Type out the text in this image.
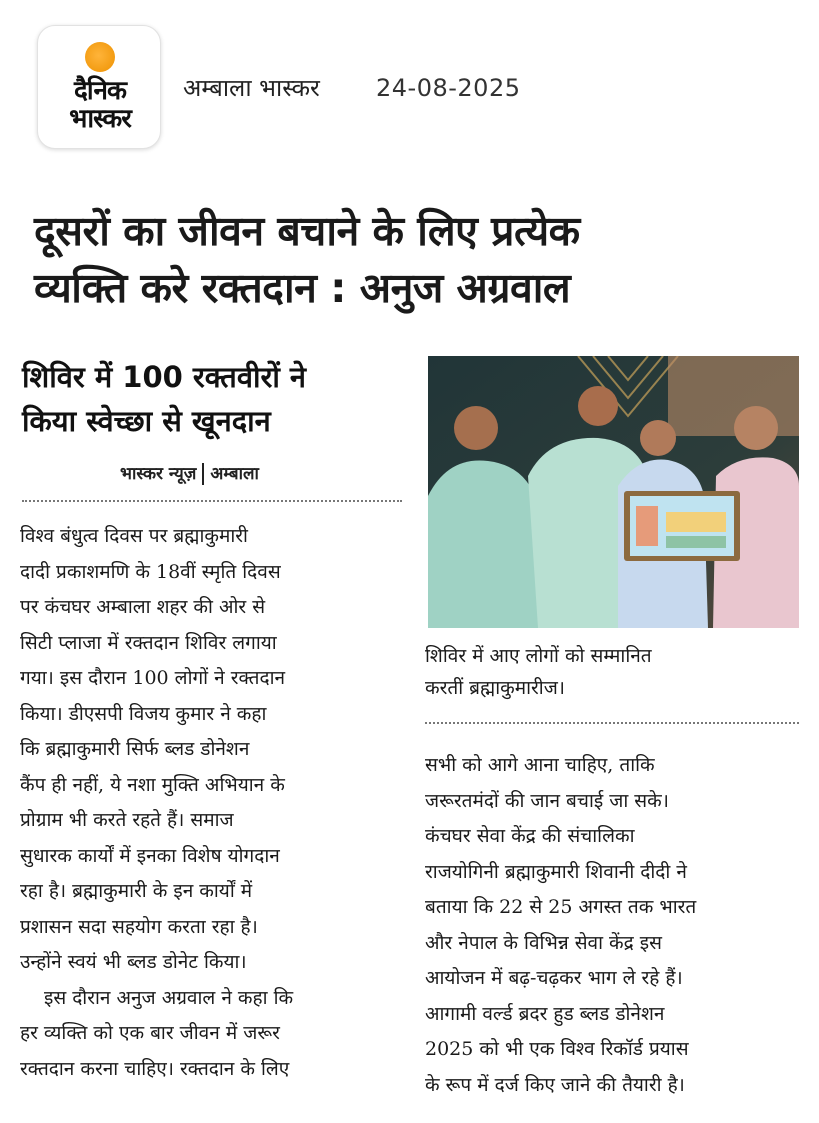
दैनिक
भास्कर
अम्बाला भास्कर 24-08-2025
दूसरों का जीवन बचाने के लिए प्रत्येक
व्यक्ति करे रक्तदान : अनुज अग्रवाल
शिविर में 100 रक्तवीरों ने
किया स्वेच्छा से खूनदान
भास्कर न्यूज़ अम्बाला

विश्व बंधुत्व दिवस पर ब्रह्माकुमारी

दादी प्रकाशमणि के 18वीं स्मृति दिवस

पर कंचघर अम्बाला शहर की ओर से

सिटी प्लाजा में रक्तदान शिविर लगाया

गया। इस दौरान 100 लोगों ने रक्तदान

किया। डीएसपी विजय कुमार ने कहा

कि ब्रह्माकुमारी सिर्फ ब्लड डोनेशन

कैंप ही नहीं, ये नशा मुक्ति अभियान के

प्रोग्राम भी करते रहते हैं। समाज

सुधारक कार्यों में इनका विशेष योगदान

रहा है। ब्रह्माकुमारी के इन कार्यों में

प्रशासन सदा सहयोग करता रहा है।

उन्होंने स्वयं भी ब्लड डोनेट किया।

इस दौरान अनुज अग्रवाल ने कहा कि

हर व्यक्ति को एक बार जीवन में जरूर

रक्तदान करना चाहिए। रक्तदान के लिए

शिविर में आए लोगों को सम्मानित
करतीं ब्रह्माकुमारीज।

सभी को आगे आना चाहिए, ताकि

जरूरतमंदों की जान बचाई जा सके।

कंचघर सेवा केंद्र की संचालिका

राजयोगिनी ब्रह्माकुमारी शिवानी दीदी ने

बताया कि 22 से 25 अगस्त तक भारत

और नेपाल के विभिन्न सेवा केंद्र इस

आयोजन में बढ़-चढ़कर भाग ले रहे हैं।

आगामी वर्ल्ड ब्रदर हुड ब्लड डोनेशन

2025 को भी एक विश्व रिकॉर्ड प्रयास

के रूप में दर्ज किए जाने की तैयारी है।
